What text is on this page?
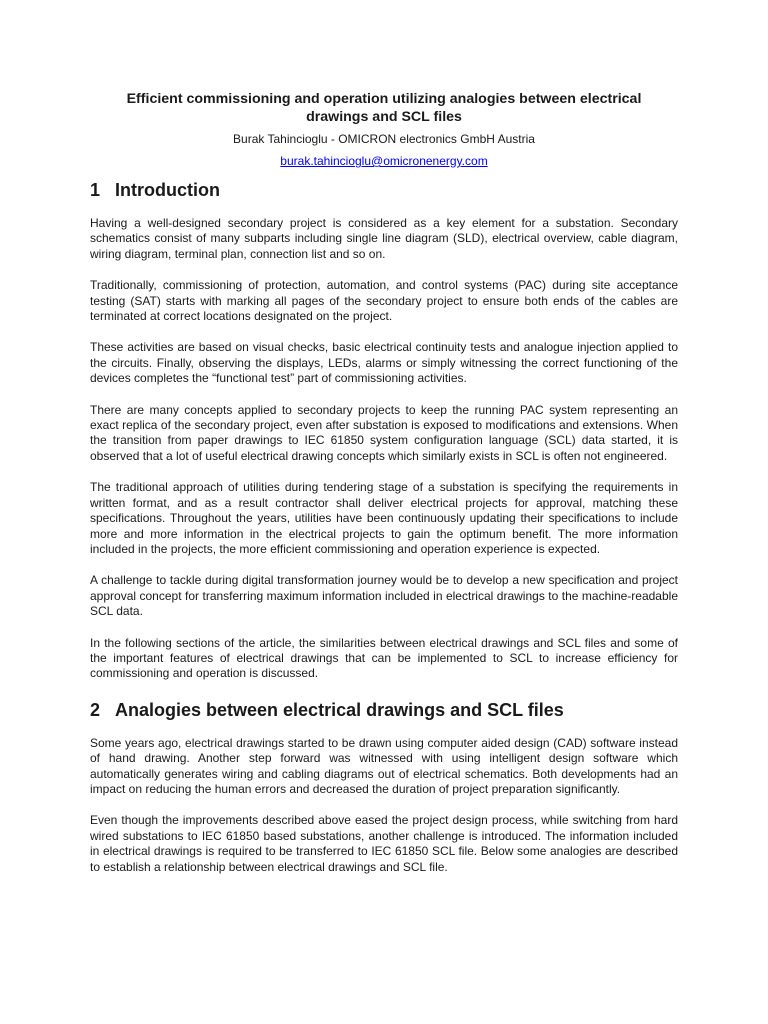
Efficient commissioning and operation utilizing analogies between electrical drawings and SCL files

Burak Tahincioglu - OMICRON electronics GmbH Austria

burak.tahincioglu@omicronenergy.com

1 Introduction

Having a well-designed secondary project is considered as a key element for a substation. Secondary schematics consist of many subparts including single line diagram (SLD), electrical overview, cable diagram, wiring diagram, terminal plan, connection list and so on.

Traditionally, commissioning of protection, automation, and control systems (PAC) during site acceptance testing (SAT) starts with marking all pages of the secondary project to ensure both ends of the cables are terminated at correct locations designated on the project.

These activities are based on visual checks, basic electrical continuity tests and analogue injection applied to the circuits. Finally, observing the displays, LEDs, alarms or simply witnessing the correct functioning of the devices completes the “functional test” part of commissioning activities.

There are many concepts applied to secondary projects to keep the running PAC system representing an exact replica of the secondary project, even after substation is exposed to modifications and extensions. When the transition from paper drawings to IEC 61850 system configuration language (SCL) data started, it is observed that a lot of useful electrical drawing concepts which similarly exists in SCL is often not engineered.

The traditional approach of utilities during tendering stage of a substation is specifying the requirements in written format, and as a result contractor shall deliver electrical projects for approval, matching these specifications. Throughout the years, utilities have been continuously updating their specifications to include more and more information in the electrical projects to gain the optimum benefit. The more information included in the projects, the more efficient commissioning and operation experience is expected.

A challenge to tackle during digital transformation journey would be to develop a new specification and project approval concept for transferring maximum information included in electrical drawings to the machine-readable SCL data.

In the following sections of the article, the similarities between electrical drawings and SCL files and some of the important features of electrical drawings that can be implemented to SCL to increase efficiency for commissioning and operation is discussed.

2 Analogies between electrical drawings and SCL files

Some years ago, electrical drawings started to be drawn using computer aided design (CAD) software instead of hand drawing. Another step forward was witnessed with using intelligent design software which automatically generates wiring and cabling diagrams out of electrical schematics. Both developments had an impact on reducing the human errors and decreased the duration of project preparation significantly.

Even though the improvements described above eased the project design process, while switching from hard wired substations to IEC 61850 based substations, another challenge is introduced. The information included in electrical drawings is required to be transferred to IEC 61850 SCL file. Below some analogies are described to establish a relationship between electrical drawings and SCL file.
